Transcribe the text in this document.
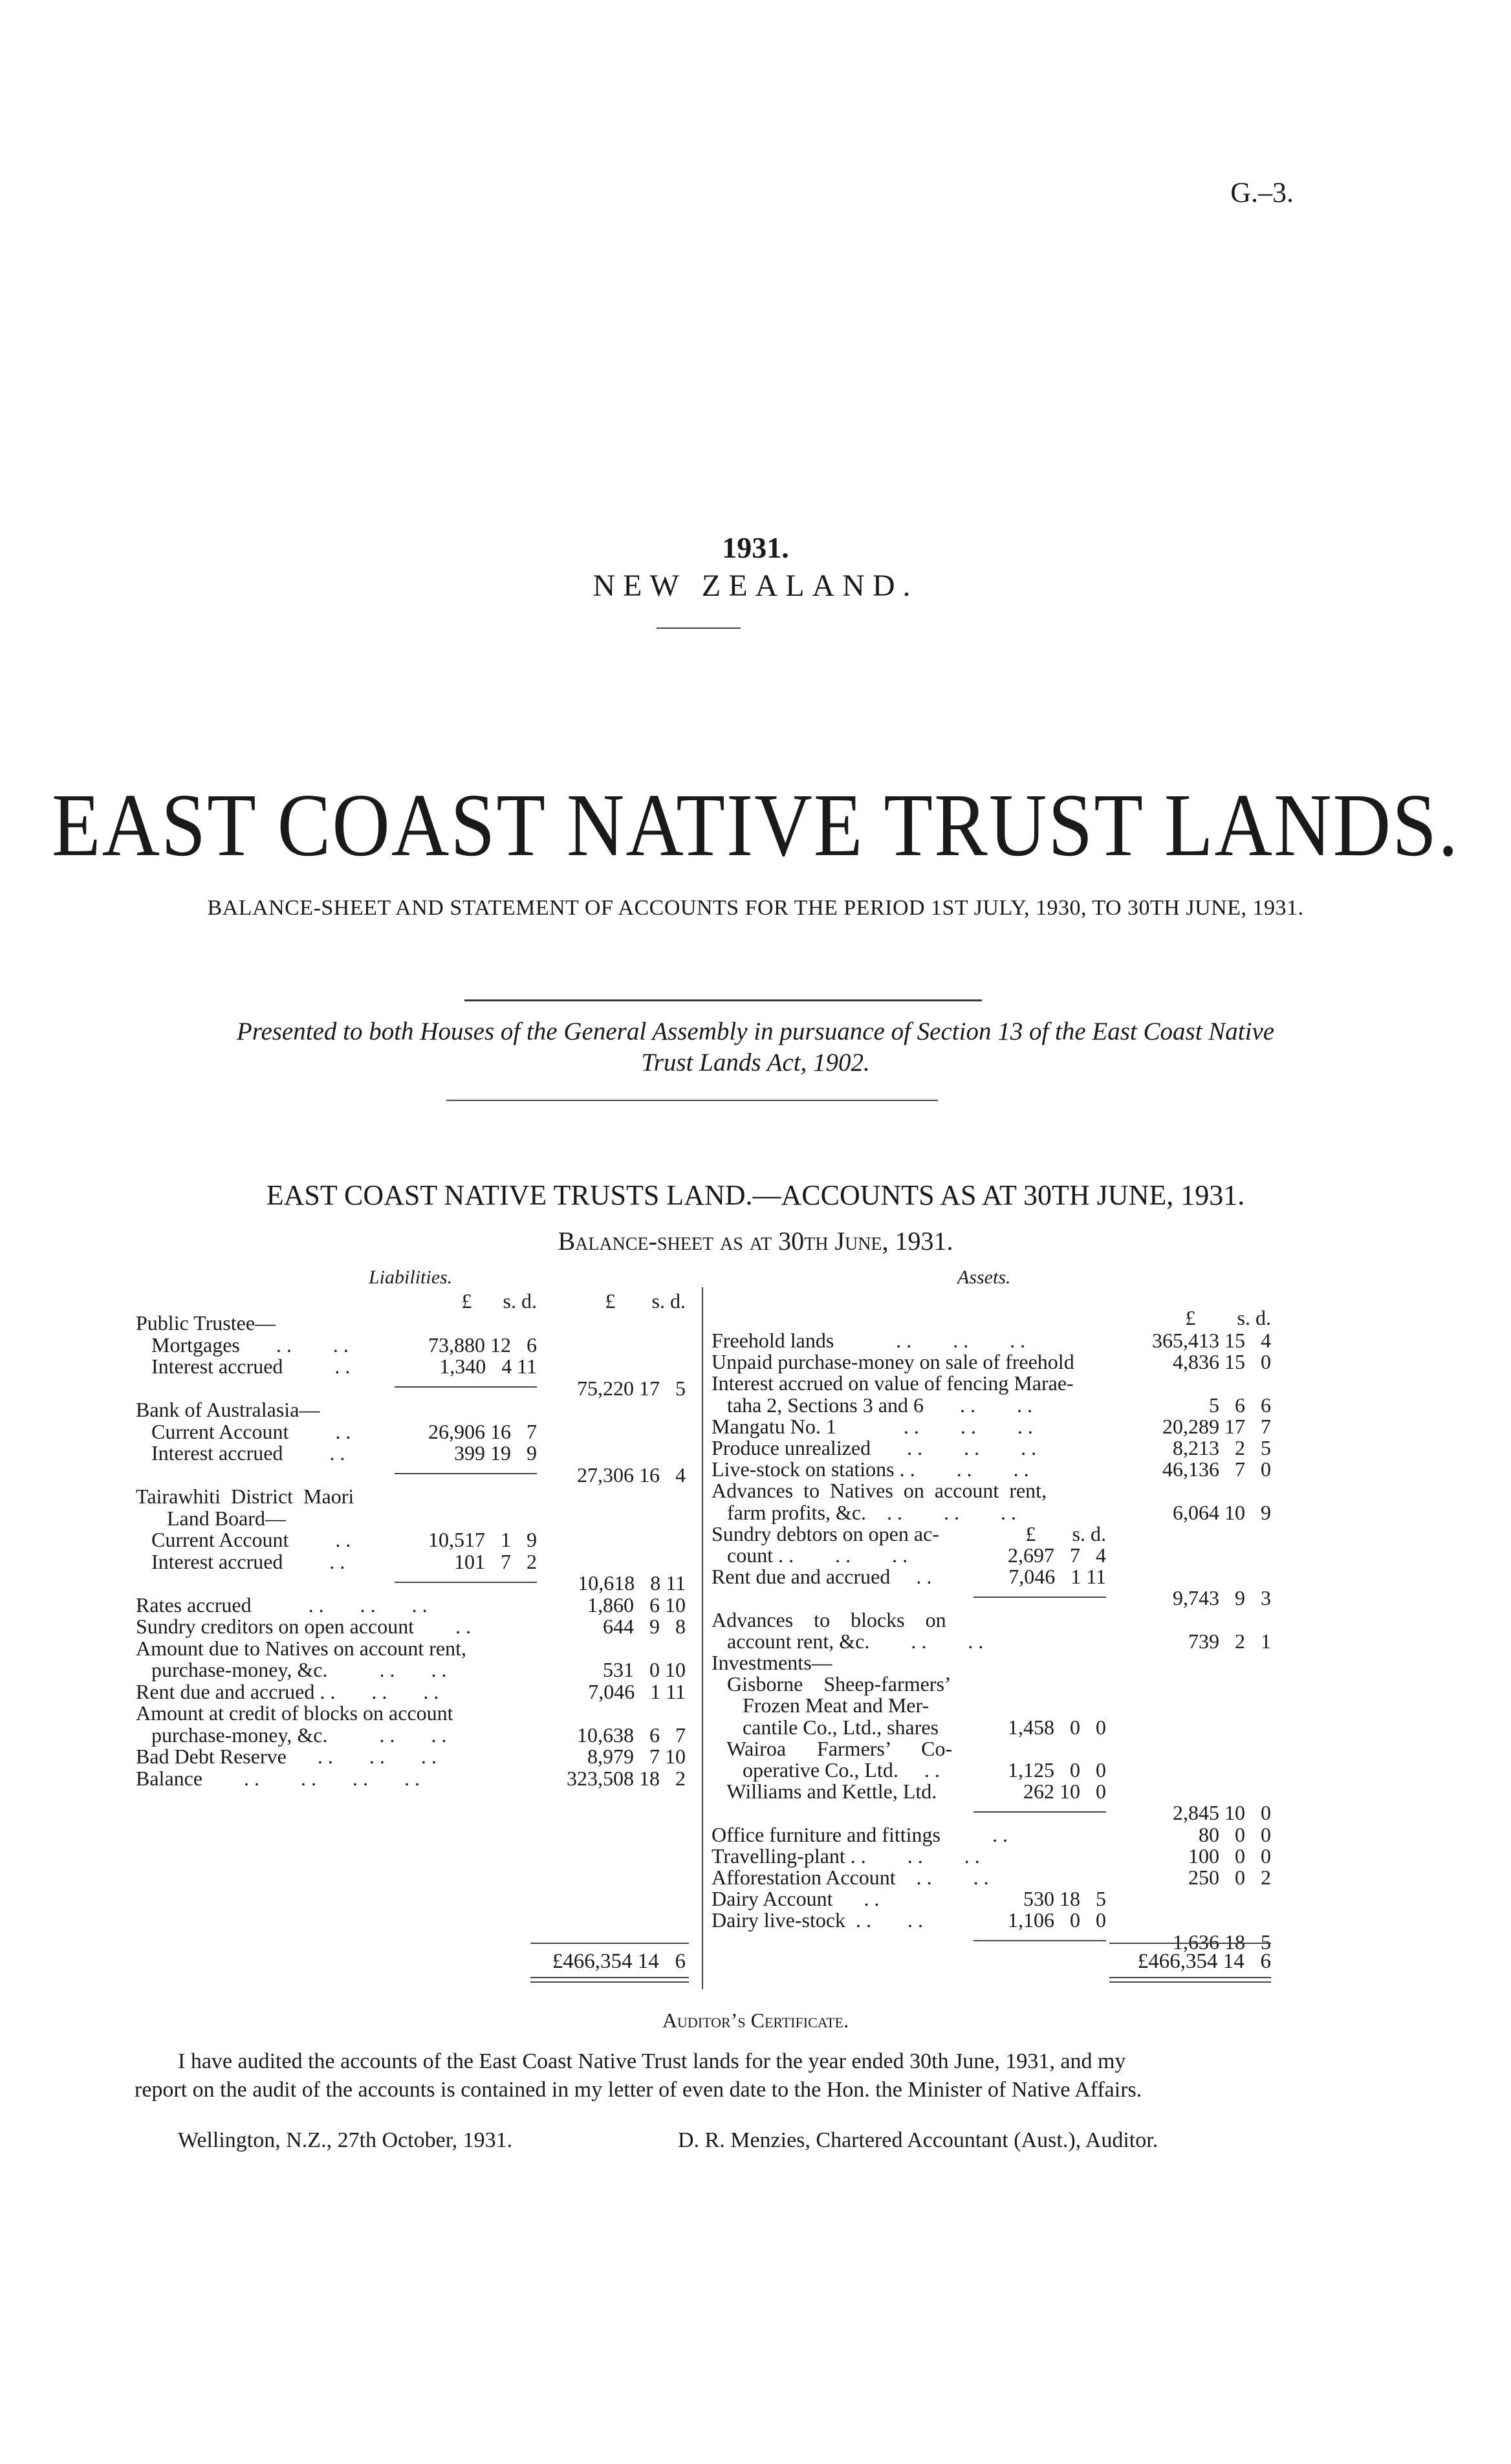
G.–3.
1931.
NEW ZEALAND.
EAST COAST NATIVE TRUST LANDS.
BALANCE-SHEET AND STATEMENT OF ACCOUNTS FOR THE PERIOD 1ST JULY, 1930, TO 30TH JUNE, 1931.
Presented to both Houses of the General Assembly in pursuance of Section 13 of the East Coast Native
Trust Lands Act, 1902.
EAST COAST NATIVE TRUSTS LAND.—ACCOUNTS AS AT 30TH JUNE, 1931.
Balance-sheet as at 30th June, 1931.
Liabilities.
£      s. d.	£       s. d.
Public Trustee—
Mortgages       . .        . .	73,880 12   6
Interest accrued          . .	1,340   4 11
75,220 17   5
Bank of Australasia—
Current Account         . .	26,906 16   7
Interest accrued         . .	399 19   9
27,306 16   4
Tairawhiti  District  Maori
Land Board—
Current Account         . .	10,517   1   9
Interest accrued         . .	101   7   2
10,618   8 11
Rates accrued           . .       . .       . .	1,860   6 10
Sundry creditors on open account        . .	644   9   8
Amount due to Natives on account rent,
purchase-money, &c.          . .       . .	531   0 10
Rent due and accrued . .       . .       . .	7,046   1 11
Amount at credit of blocks on account
purchase-money, &c.          . .       . .	10,638   6   7
Bad Debt Reserve      . .       . .       . .	8,979   7 10
Balance        . .        . .       . .       . .	323,508 18   2
£466,354 14   6
Assets.
£        s. d.
Freehold lands            . .        . .        . .	365,413 15   4
Unpaid purchase-money on sale of freehold	4,836 15   0
Interest accrued on value of fencing Marae-
taha 2, Sections 3 and 6       . .        . .	5   6   6
Mangatu No. 1             . .        . .        . .	20,289 17   7
Produce unrealized       . .        . .        . .	8,213   2   5
Live-stock on stations . .        . .        . .	46,136   7   0
Advances  to  Natives  on  account  rent,
farm profits, &c.    . .        . .        . .	6,064 10   9
Sundry debtors on open ac-	£       s. d.
count . .        . .        . .	2,697   7   4
Rent due and accrued     . .	7,046   1 11
9,743   9   3
Advances    to    blocks    on
account rent, &c.        . .        . .	739   2   1
Investments—
Gisborne    Sheep-farmers’
Frozen Meat and Mer-
cantile Co., Ltd., shares	1,458   0   0
Wairoa      Farmers’      Co-
operative Co., Ltd.     . .	1,125   0   0
Williams and Kettle, Ltd.	262 10   0
2,845 10   0
Office furniture and fittings          . .	80   0   0
Travelling-plant . .        . .        . .	100   0   0
Afforestation Account    . .        . .	250   0   2
Dairy Account      . .	530 18   5
Dairy live-stock  . .       . .	1,106   0   0
1,636 18   5
£466,354 14   6
Auditor’s Certificate.
I have audited the accounts of the East Coast Native Trust lands for the year ended 30th June, 1931, and my
report on the audit of the accounts is contained in my letter of even date to the Hon. the Minister of Native Affairs.
Wellington, N.Z., 27th October, 1931.	D. R. Menzies, Chartered Accountant (Aust.), Auditor.
